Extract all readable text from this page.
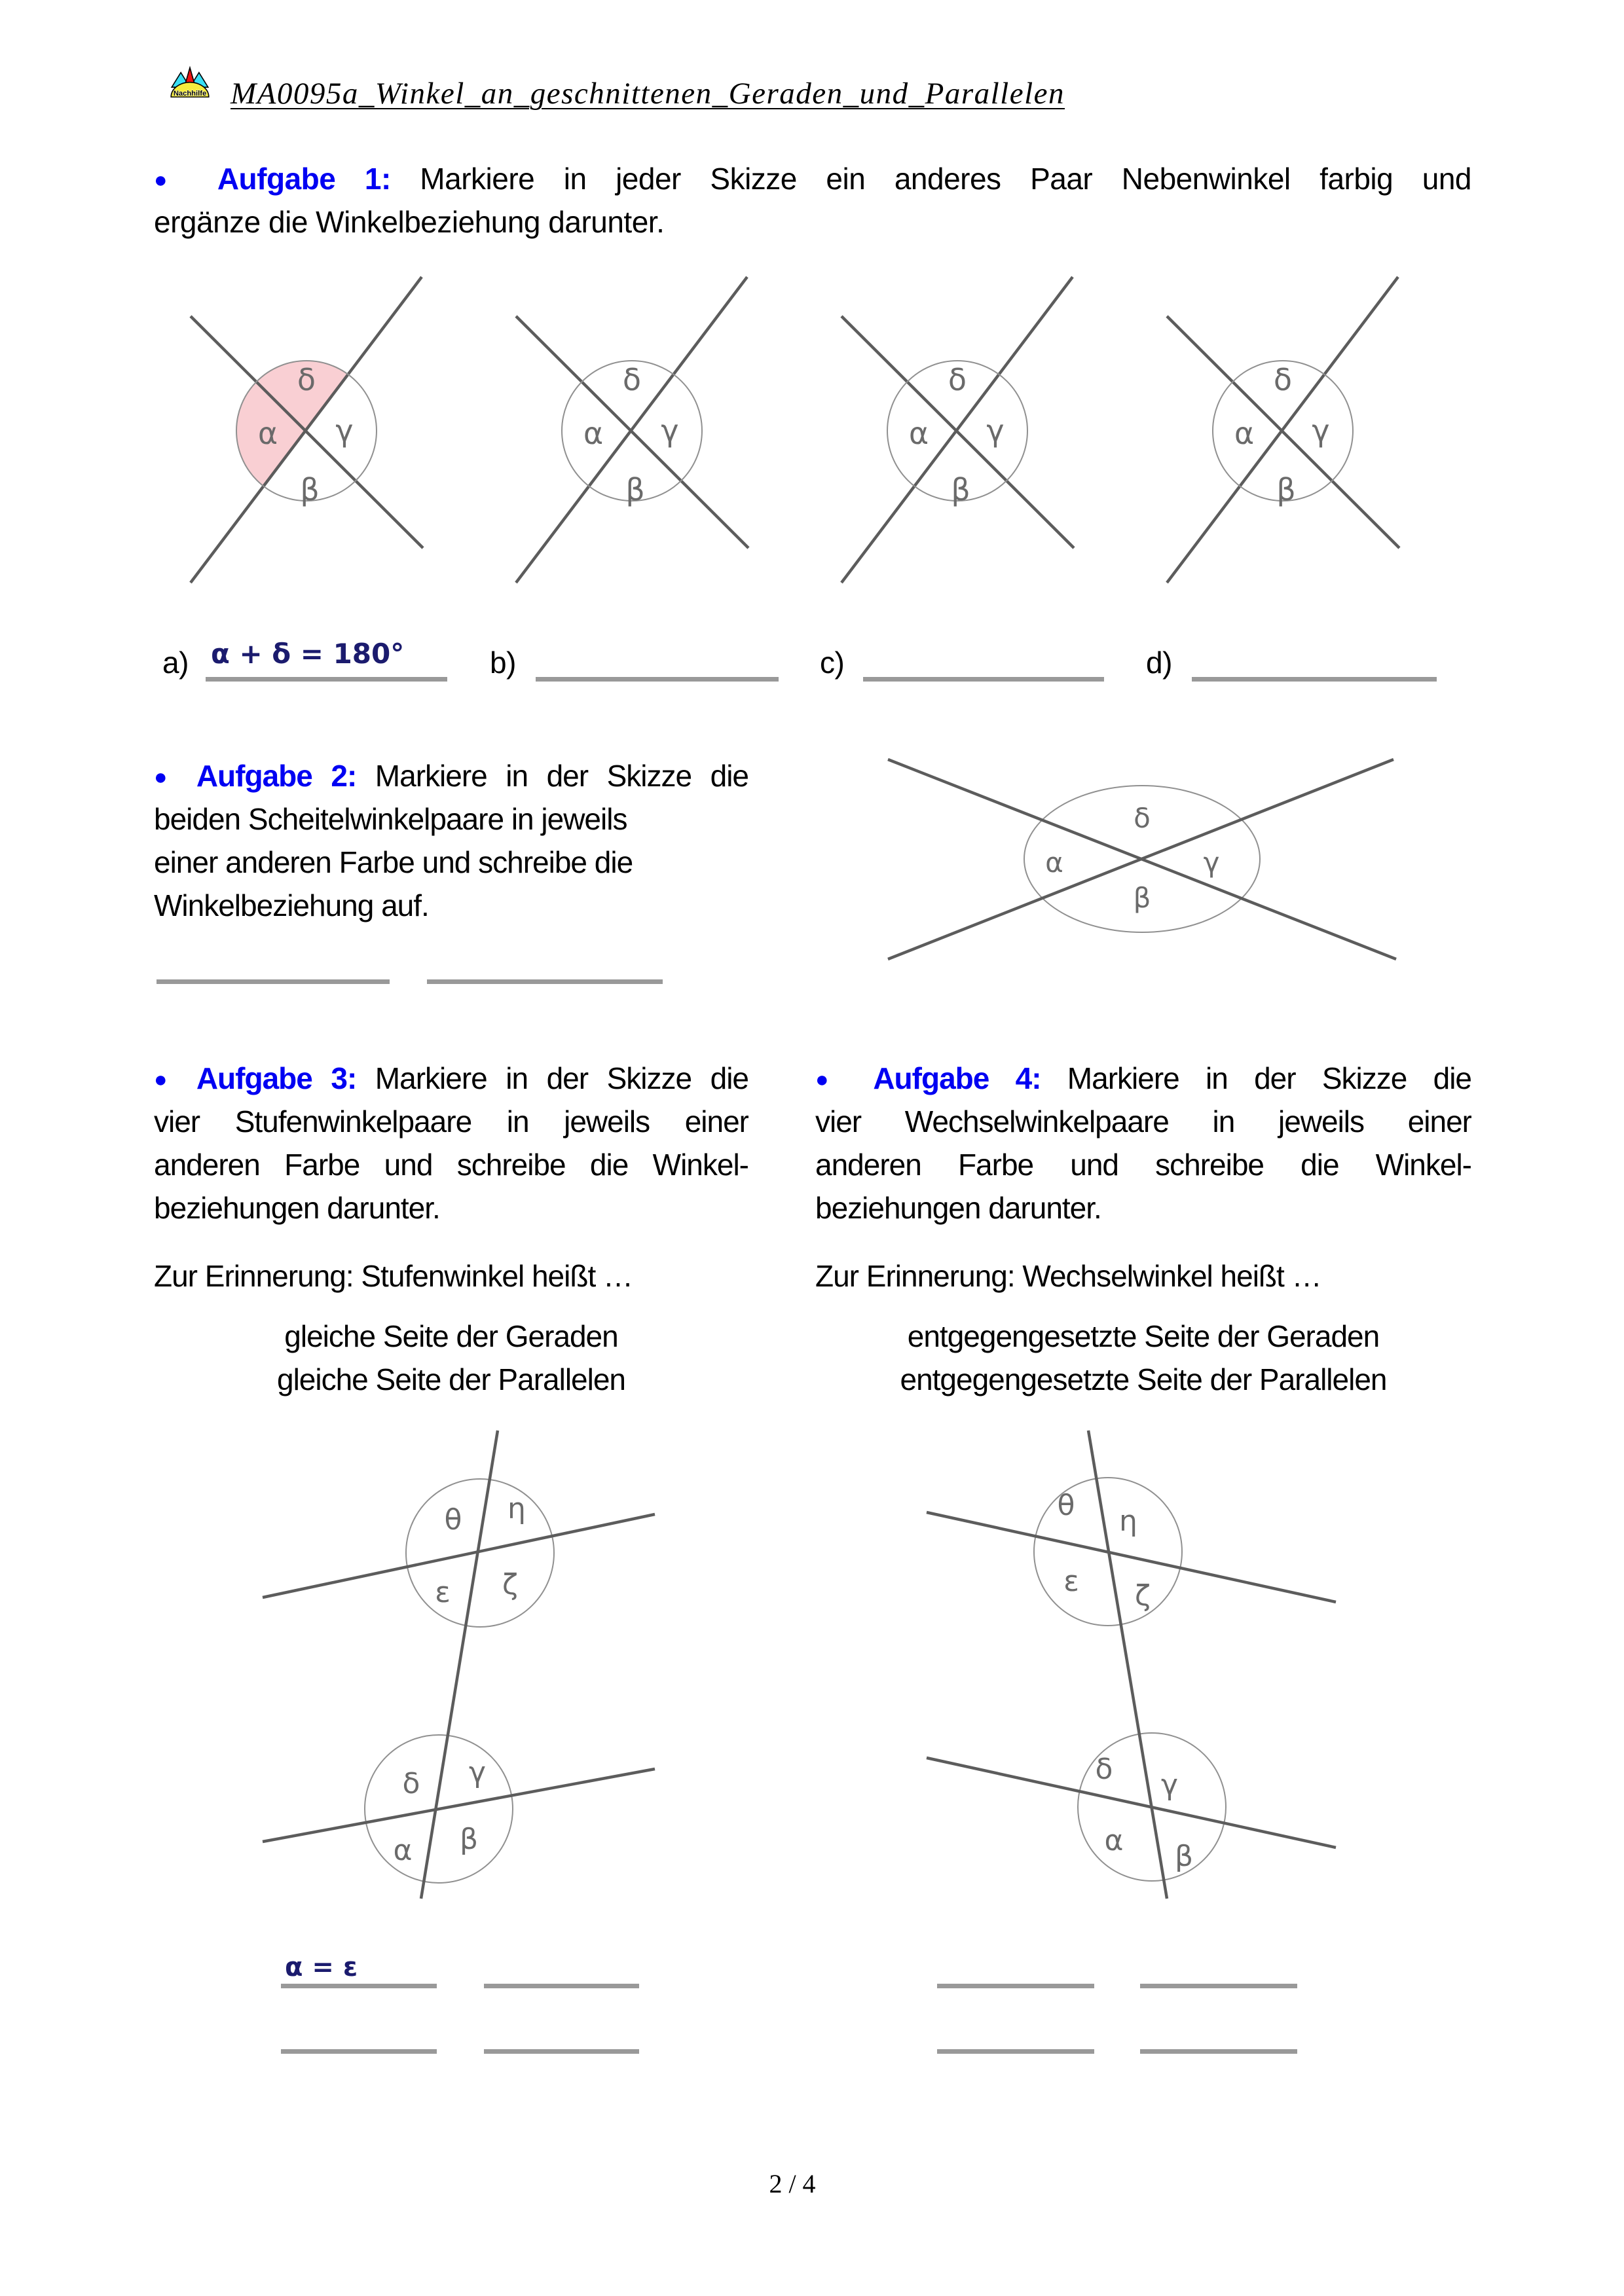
Nachhilfe MA0095a_Winkel_an_geschnittenen_Geraden_und_Parallelen
● Aufgabe 1: Markiere in jeder Skizze ein anderes Paar Nebenwinkel farbig und
ergänze die Winkelbeziehung darunter.
δ
α γ
β
δ
α γ
β
δ
α γ
β
δ
α γ
β
a) α + δ = 180°	b)	c)	d)
● Aufgabe 2: Markiere in der Skizze die
beiden Scheitelwinkelpaare in jeweils
einer anderen Farbe und schreibe die
Winkelbeziehung auf.
δ
α	γ
β
● Aufgabe 3: Markiere in der Skizze die
vier Stufenwinkelpaare in jeweils einer
anderen Farbe und schreibe die Winkel-
beziehungen darunter.
Zur Erinnerung: Stufenwinkel heißt …
gleiche Seite der Geraden
gleiche Seite der Parallelen
● Aufgabe 4: Markiere in der Skizze die
vier Wechselwinkelpaare in jeweils einer
anderen Farbe und schreibe die Winkel-
beziehungen darunter.
Zur Erinnerung: Wechselwinkel heißt …
entgegengesetzte Seite der Geraden
entgegengesetzte Seite der Parallelen
θ η
ε ζ
δ γ
α β
θ η
ε ζ
δ γ
α β
α = ε
2 / 4
